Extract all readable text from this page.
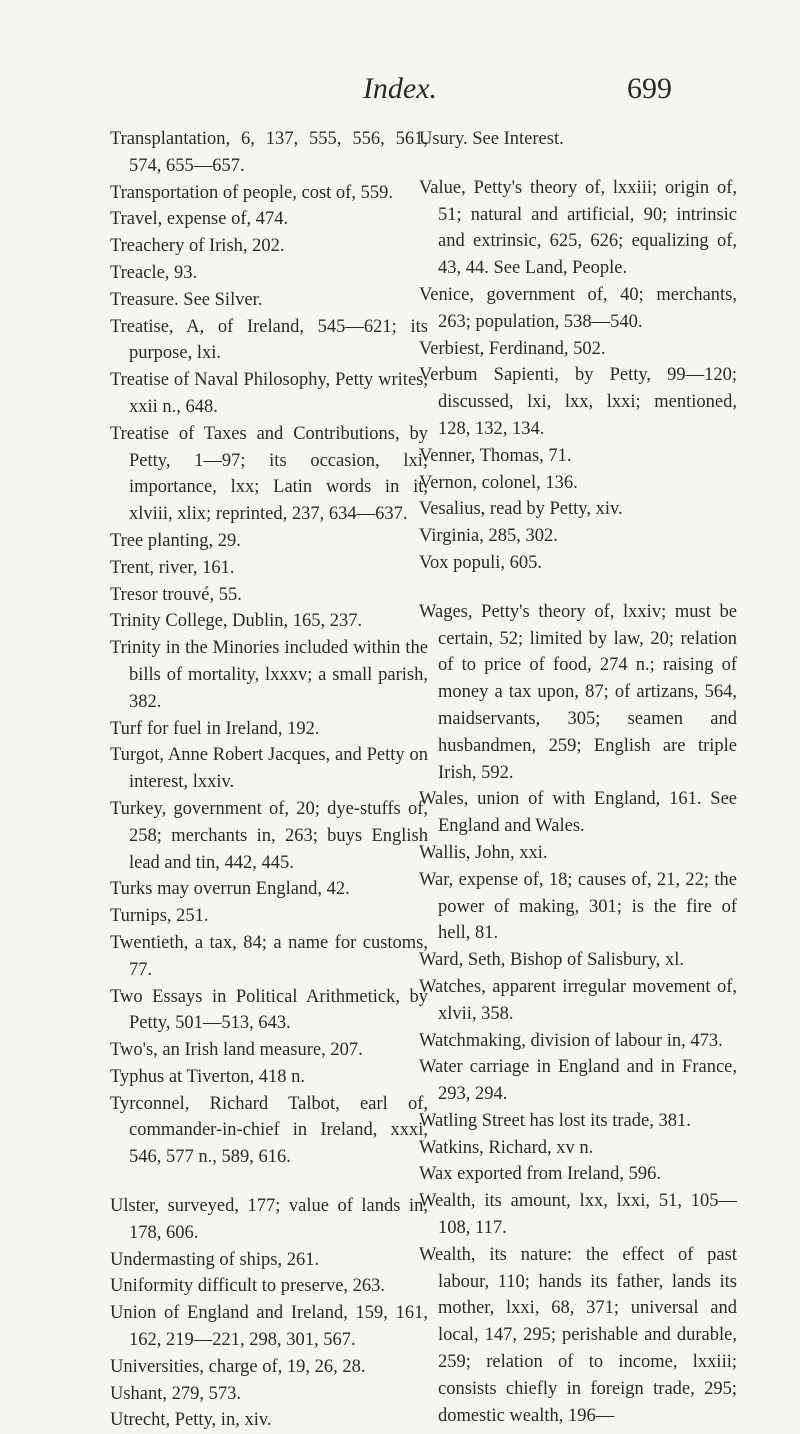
Index.	699
Transplantation, 6, 137, 555, 556, 561, 574, 655—657.
Transportation of people, cost of, 559.
Travel, expense of, 474.
Treachery of Irish, 202.
Treacle, 93.
Treasure. See Silver.
Treatise, A, of Ireland, 545—621; its purpose, lxi.
Treatise of Naval Philosophy, Petty writes, xxii n., 648.
Treatise of Taxes and Contributions, by Petty, 1—97; its occasion, lxi; importance, lxx; Latin words in it, xlviii, xlix; reprinted, 237, 634—637.
Tree planting, 29.
Trent, river, 161.
Tresor trouvé, 55.
Trinity College, Dublin, 165, 237.
Trinity in the Minories included within the bills of mortality, lxxxv; a small parish, 382.
Turf for fuel in Ireland, 192.
Turgot, Anne Robert Jacques, and Petty on interest, lxxiv.
Turkey, government of, 20; dye-stuffs of, 258; merchants in, 263; buys English lead and tin, 442, 445.
Turks may overrun England, 42.
Turnips, 251.
Twentieth, a tax, 84; a name for customs, 77.
Two Essays in Political Arithmetick, by Petty, 501—513, 643.
Two's, an Irish land measure, 207.
Typhus at Tiverton, 418 n.
Tyrconnel, Richard Talbot, earl of, commander-in-chief in Ireland, xxxi, 546, 577 n., 589, 616.
Ulster, surveyed, 177; value of lands in, 178, 606.
Undermasting of ships, 261.
Uniformity difficult to preserve, 263.
Union of England and Ireland, 159, 161, 162, 219—221, 298, 301, 567.
Universities, charge of, 19, 26, 28.
Ushant, 279, 573.
Utrecht, Petty, in, xiv.
Usury. See Interest.
Value, Petty's theory of, lxxiii; origin of, 51; natural and artificial, 90; intrinsic and extrinsic, 625, 626; equalizing of, 43, 44. See Land, People.
Venice, government of, 40; merchants, 263; population, 538—540.
Verbiest, Ferdinand, 502.
Verbum Sapienti, by Petty, 99—120; discussed, lxi, lxx, lxxi; mentioned, 128, 132, 134.
Venner, Thomas, 71.
Vernon, colonel, 136.
Vesalius, read by Petty, xiv.
Virginia, 285, 302.
Vox populi, 605.
Wages, Petty's theory of, lxxiv; must be certain, 52; limited by law, 20; relation of to price of food, 274 n.; raising of money a tax upon, 87; of artizans, 564, maidservants, 305; seamen and husbandmen, 259; English are triple Irish, 592.
Wales, union of with England, 161. See England and Wales.
Wallis, John, xxi.
War, expense of, 18; causes of, 21, 22; the power of making, 301; is the fire of hell, 81.
Ward, Seth, Bishop of Salisbury, xl.
Watches, apparent irregular movement of, xlvii, 358.
Watchmaking, division of labour in, 473.
Water carriage in England and in France, 293, 294.
Watling Street has lost its trade, 381.
Watkins, Richard, xv n.
Wax exported from Ireland, 596.
Wealth, its amount, lxx, lxxi, 51, 105—108, 117.
Wealth, its nature: the effect of past labour, 110; hands its father, lands its mother, lxxi, 68, 371; universal and local, 147, 295; perishable and durable, 259; relation of to income, lxxiii; consists chiefly in foreign trade, 295; domestic wealth, 196—
